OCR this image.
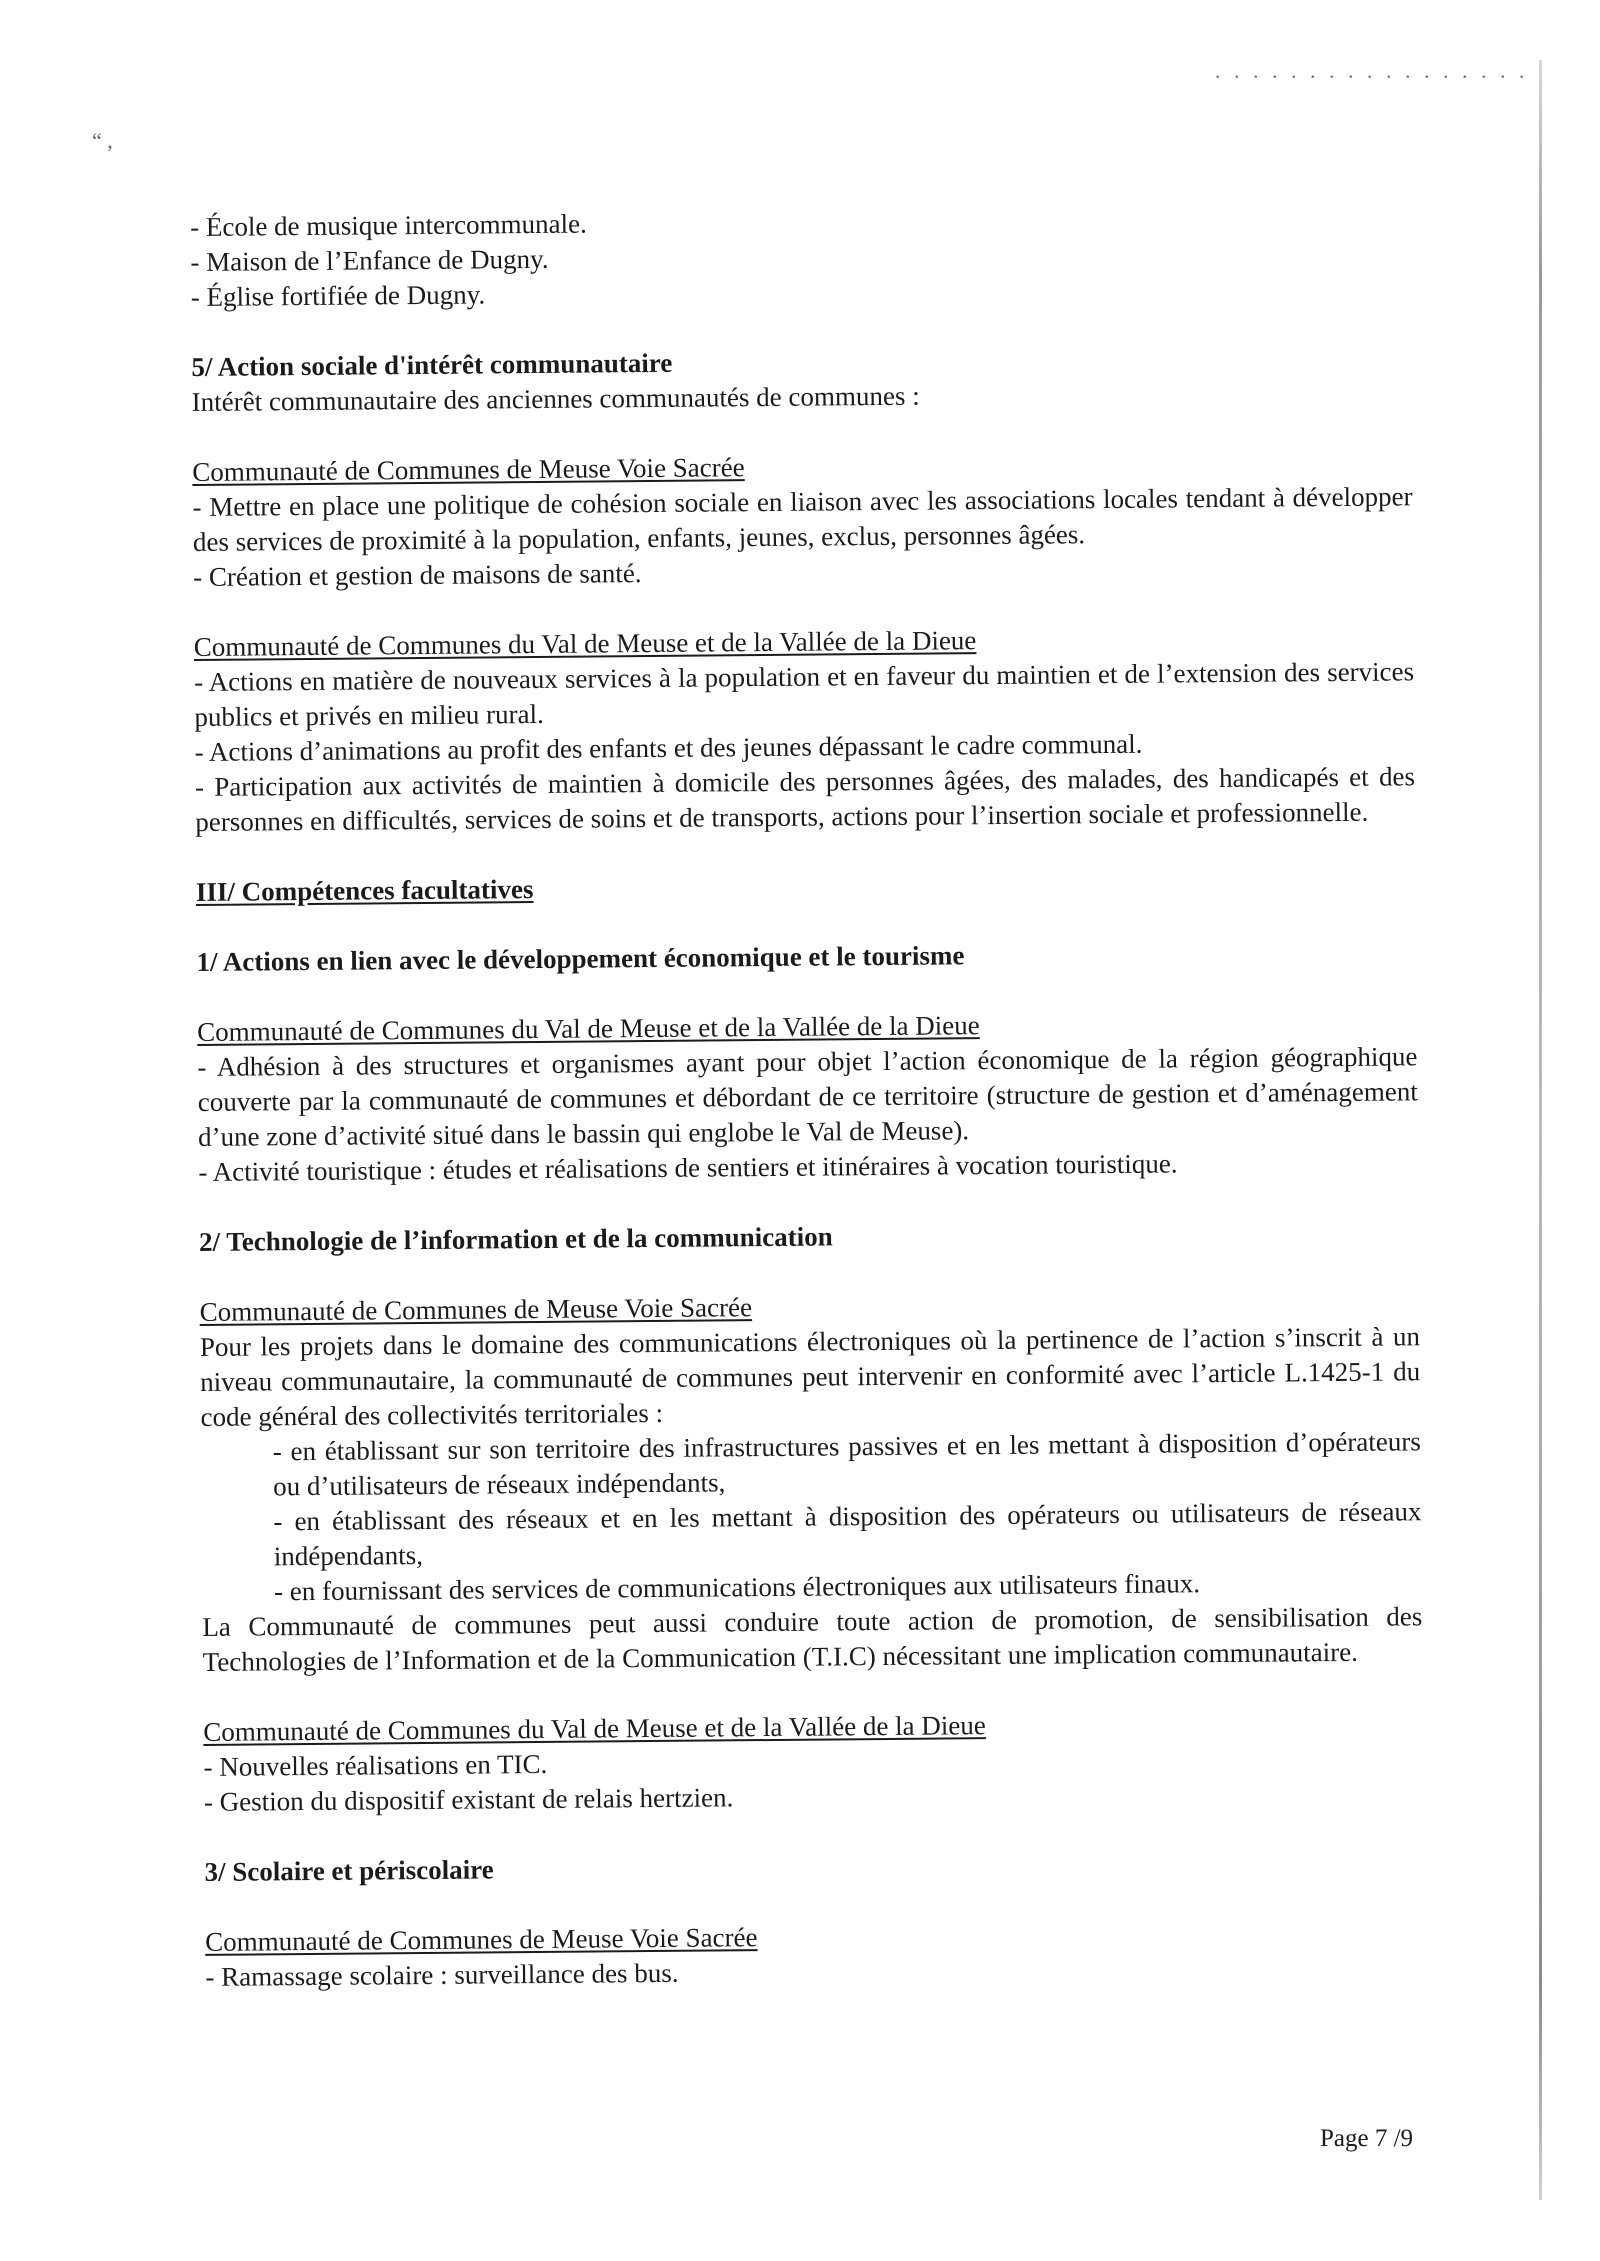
. . . . . . . . . . . . . . . . .
“ ,

- École de musique intercommunale.

- Maison de l’Enfance de Dugny.

- Église fortifiée de Dugny.

5/ Action sociale d'intérêt communautaire

Intérêt communautaire des anciennes communautés de communes :

Communauté de Communes de Meuse Voie Sacrée

- Mettre en place une politique de cohésion sociale en liaison avec les associations locales tendant à développer des services de proximité à la population, enfants, jeunes, exclus, personnes âgées.

- Création et gestion de maisons de santé.

Communauté de Communes du Val de Meuse et de la Vallée de la Dieue

- Actions en matière de nouveaux services à la population et en faveur du maintien et de l’extension des services publics et privés en milieu rural.

- Actions d’animations au profit des enfants et des jeunes dépassant le cadre communal.

- Participation aux activités de maintien à domicile des personnes âgées, des malades, des handicapés et des personnes en difficultés, services de soins et de transports, actions pour l’insertion sociale et professionnelle.

III/ Compétences facultatives

1/ Actions en lien avec le développement économique et le tourisme

Communauté de Communes du Val de Meuse et de la Vallée de la Dieue

- Adhésion à des structures et organismes ayant pour objet l’action économique de la région géographique couverte par la communauté de communes et débordant de ce territoire (structure de gestion et d’aménagement d’une zone d’activité situé dans le bassin qui englobe le Val de Meuse).

- Activité touristique : études et réalisations de sentiers et itinéraires à vocation touristique.

2/ Technologie de l’information et de la communication

Communauté de Communes de Meuse Voie Sacrée

Pour les projets dans le domaine des communications électroniques où la pertinence de l’action s’inscrit à un niveau communautaire, la communauté de communes peut intervenir en conformité avec l’article L.1425-1 du code général des collectivités territoriales :

- en établissant sur son territoire des infrastructures passives et en les mettant à disposition d’opérateurs ou d’utilisateurs de réseaux indépendants,

- en établissant des réseaux et en les mettant à disposition des opérateurs ou utilisateurs de réseaux indépendants,

- en fournissant des services de communications électroniques aux utilisateurs finaux.

La Communauté de communes peut aussi conduire toute action de promotion, de sensibilisation des Technologies de l’Information et de la Communication (T.I.C) nécessitant une implication communautaire.

Communauté de Communes du Val de Meuse et de la Vallée de la Dieue

- Nouvelles réalisations en TIC.

- Gestion du dispositif existant de relais hertzien.

3/ Scolaire et périscolaire

Communauté de Communes de Meuse Voie Sacrée

- Ramassage scolaire : surveillance des bus.

Page 7 /9
